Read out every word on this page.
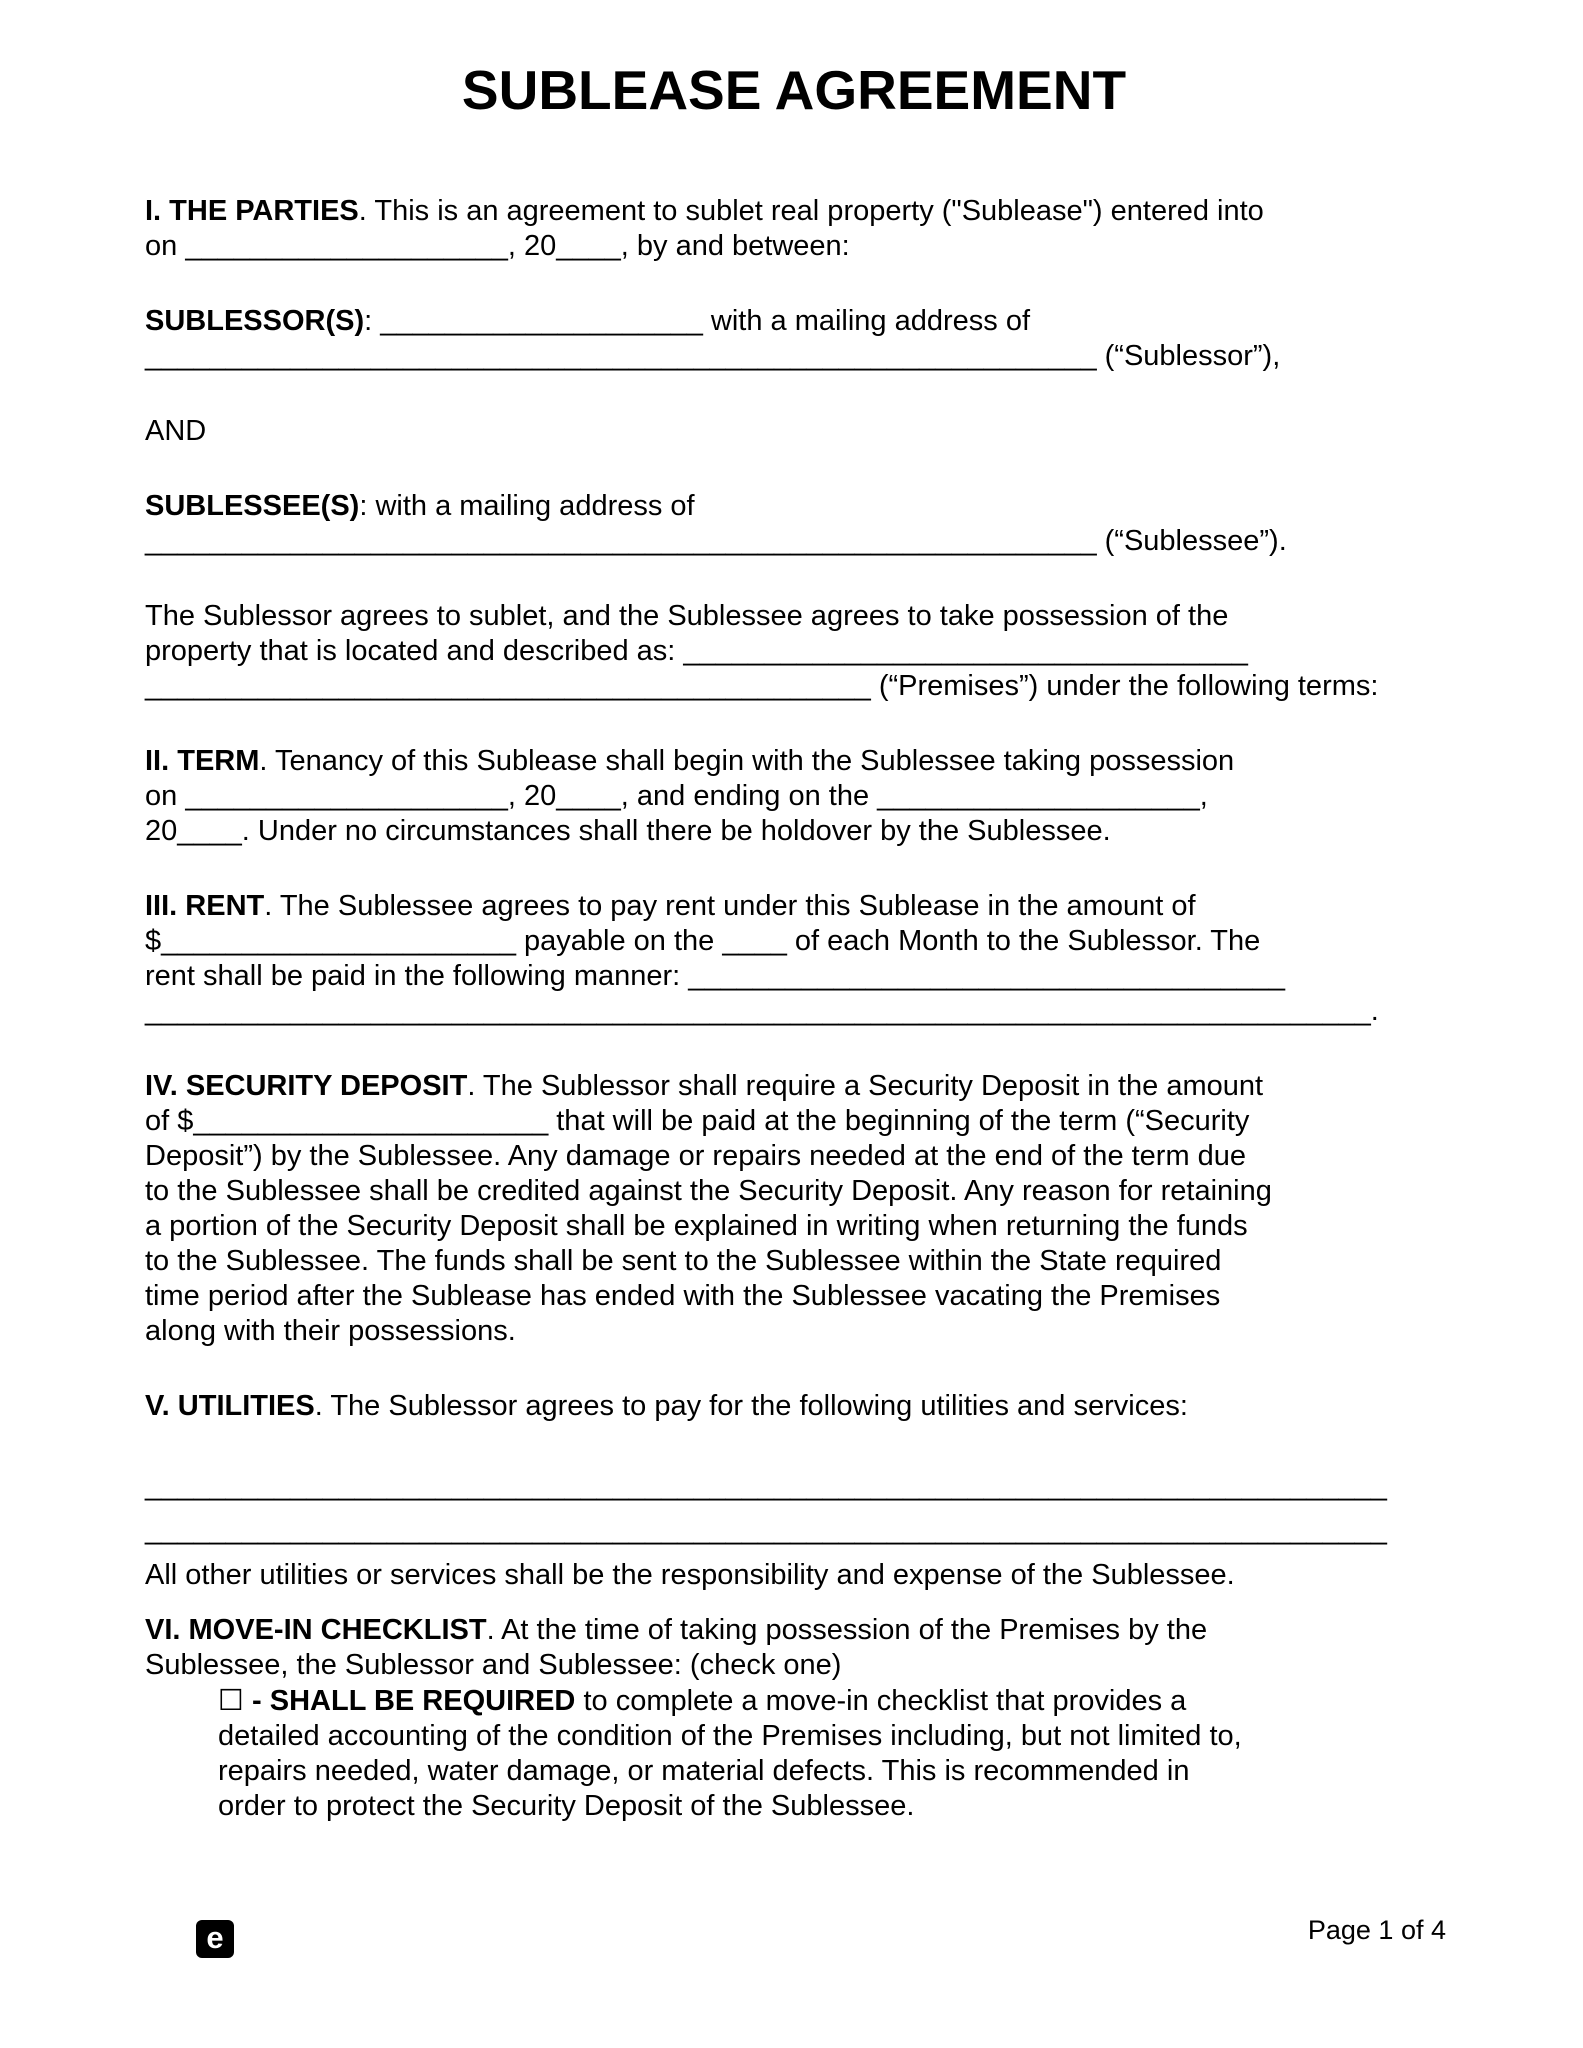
SUBLEASE AGREEMENT

I. THE PARTIES. This is an agreement to sublet real property ("Sublease") entered into
on ____________________, 20____, by and between:

SUBLESSOR(S): ____________________ with a mailing address of
___________________________________________________________ (“Sublessor”),

AND

SUBLESSEE(S): with a mailing address of
___________________________________________________________ (“Sublessee”).

The Sublessor agrees to sublet, and the Sublessee agrees to take possession of the
property that is located and described as: ___________________________________
_____________________________________________ (“Premises”) under the following terms:

II. TERM. Tenancy of this Sublease shall begin with the Sublessee taking possession
on ____________________, 20____, and ending on the ____________________,
20____. Under no circumstances shall there be holdover by the Sublessee.

III. RENT. The Sublessee agrees to pay rent under this Sublease in the amount of
$______________________ payable on the ____ of each Month to the Sublessor. The
rent shall be paid in the following manner: _____________________________________
____________________________________________________________________________.

IV. SECURITY DEPOSIT. The Sublessor shall require a Security Deposit in the amount
of $______________________ that will be paid at the beginning of the term (“Security
Deposit”) by the Sublessee. Any damage or repairs needed at the end of the term due
to the Sublessee shall be credited against the Security Deposit. Any reason for retaining
a portion of the Security Deposit shall be explained in writing when returning the funds
to the Sublessee. The funds shall be sent to the Sublessee within the State required
time period after the Sublease has ended with the Sublessee vacating the Premises
along with their possessions.

V. UTILITIES. The Sublessor agrees to pay for the following utilities and services:

_____________________________________________________________________________
_____________________________________________________________________________

All other utilities or services shall be the responsibility and expense of the Sublessee.

VI. MOVE-IN CHECKLIST. At the time of taking possession of the Premises by the
Sublessee, the Sublessor and Sublessee: (check one)

☐ - SHALL BE REQUIRED to complete a move-in checklist that provides a
detailed accounting of the condition of the Premises including, but not limited to,
repairs needed, water damage, or material defects. This is recommended in
order to protect the Security Deposit of the Sublessee.

e	Page 1 of 4
